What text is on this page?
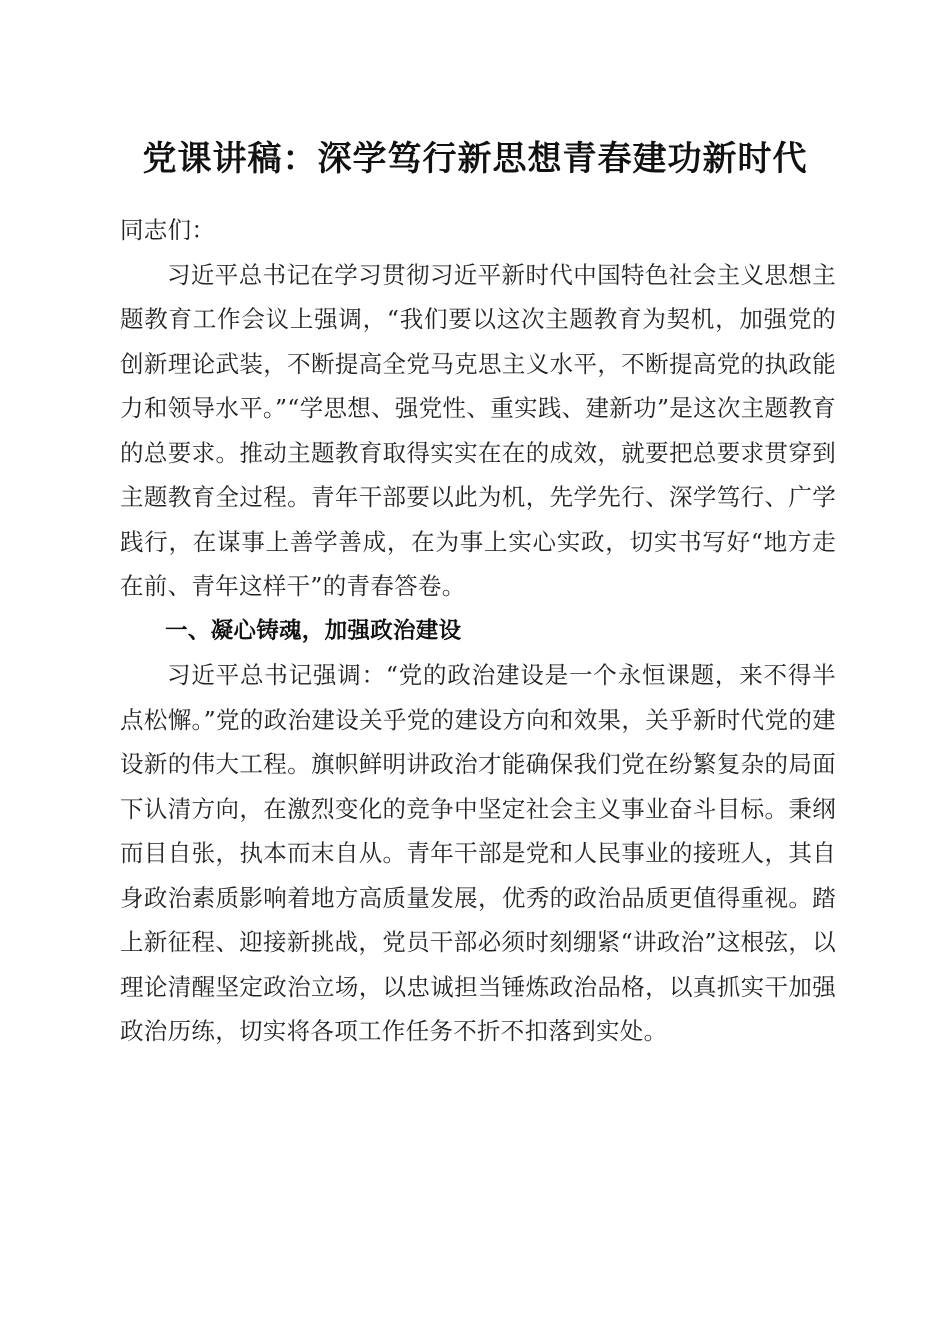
党课讲稿：深学笃行新思想青春建功新时代

同志们：

习近平总书记在学习贯彻习近平新时代中国特色社会主义思想主题教育工作会议上强调，“我们要以这次主题教育为契机，加强党的创新理论武装，不断提高全党马克思主义水平，不断提高党的执政能力和领导水平。”“学思想、强党性、重实践、建新功”是这次主题教育的总要求。推动主题教育取得实实在在的成效，就要把总要求贯穿到主题教育全过程。青年干部要以此为机，先学先行、深学笃行、广学践行，在谋事上善学善成，在为事上实心实政，切实书写好“地方走在前、青年这样干”的青春答卷。

一、凝心铸魂，加强政治建设

习近平总书记强调：“党的政治建设是一个永恒课题，来不得半点松懈。”党的政治建设关乎党的建设方向和效果，关乎新时代党的建设新的伟大工程。旗帜鲜明讲政治才能确保我们党在纷繁复杂的局面下认清方向，在激烈变化的竞争中坚定社会主义事业奋斗目标。秉纲而目自张，执本而末自从。青年干部是党和人民事业的接班人，其自身政治素质影响着地方高质量发展，优秀的政治品质更值得重视。踏上新征程、迎接新挑战，党员干部必须时刻绷紧“讲政治”这根弦，以理论清醒坚定政治立场，以忠诚担当锤炼政治品格，以真抓实干加强政治历练，切实将各项工作任务不折不扣落到实处。
